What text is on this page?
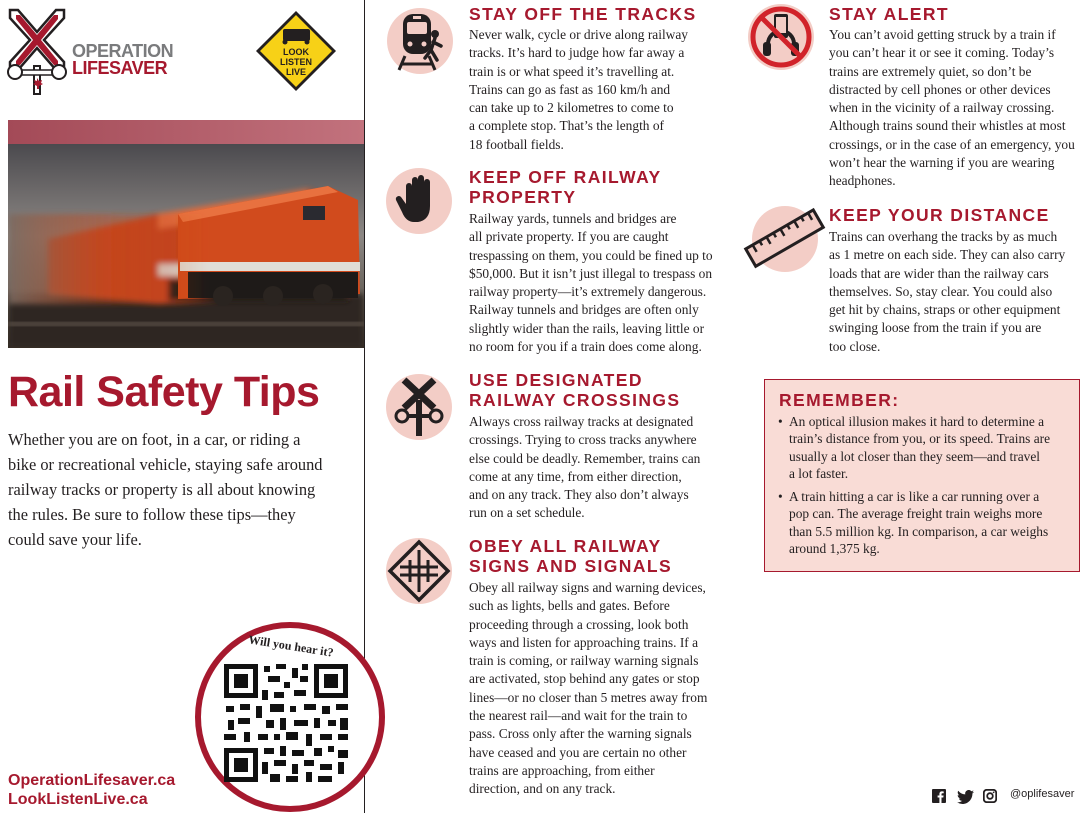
OPERATION
LIFESAVER
LOOK
LISTEN
LIVE
Rail Safety Tips
Whether you are on foot, in a car, or riding a
bike or recreational vehicle, staying safe around
railway tracks or property is all about knowing
the rules. Be sure to follow these tips—they
could save your life.
Will you hear it?
OperationLifesaver.ca
LookListenLive.ca
STAY OFF THE TRACKS
Never walk, cycle or drive along railway
tracks. It’s hard to judge how far away a
train is or what speed it’s travelling at.
Trains can go as fast as 160 km/h and
can take up to 2 kilometres to come to
a complete stop. That’s the length of
18 football fields.
KEEP OFF RAILWAY
PROPERTY
Railway yards, tunnels and bridges are
all private property. If you are caught
trespassing on them, you could be fined up to
$50,000. But it isn’t just illegal to trespass on
railway property—it’s extremely dangerous.
Railway tunnels and bridges are often only
slightly wider than the rails, leaving little or
no room for you if a train does come along.
USE DESIGNATED
RAILWAY CROSSINGS
Always cross railway tracks at designated
crossings. Trying to cross tracks anywhere
else could be deadly. Remember, trains can
come at any time, from either direction,
and on any track. They also don’t always
run on a set schedule.
OBEY ALL RAILWAY
SIGNS AND SIGNALS
Obey all railway signs and warning devices,
such as lights, bells and gates. Before
proceeding through a crossing, look both
ways and listen for approaching trains. If a
train is coming, or railway warning signals
are activated, stop behind any gates or stop
lines—or no closer than 5 metres away from
the nearest rail—and wait for the train to
pass. Cross only after the warning signals
have ceased and you are certain no other
trains are approaching, from either
direction, and on any track.
STAY ALERT
You can’t avoid getting struck by a train if
you can’t hear it or see it coming. Today’s
trains are extremely quiet, so don’t be
distracted by cell phones or other devices
when in the vicinity of a railway crossing.
Although trains sound their whistles at most
crossings, or in the case of an emergency, you
won’t hear the warning if you are wearing
headphones.
KEEP YOUR DISTANCE
Trains can overhang the tracks by as much
as 1 metre on each side. They can also carry
loads that are wider than the railway cars
themselves. So, stay clear. You could also
get hit by chains, straps or other equipment
swinging loose from the train if you are
too close.
REMEMBER:
• An optical illusion makes it hard to determine a
train’s distance from you, or its speed. Trains are
usually a lot closer than they seem—and travel
a lot faster.
• A train hitting a car is like a car running over a
pop can. The average freight train weighs more
than 5.5 million kg. In comparison, a car weighs
around 1,375 kg.
@oplifesaver
